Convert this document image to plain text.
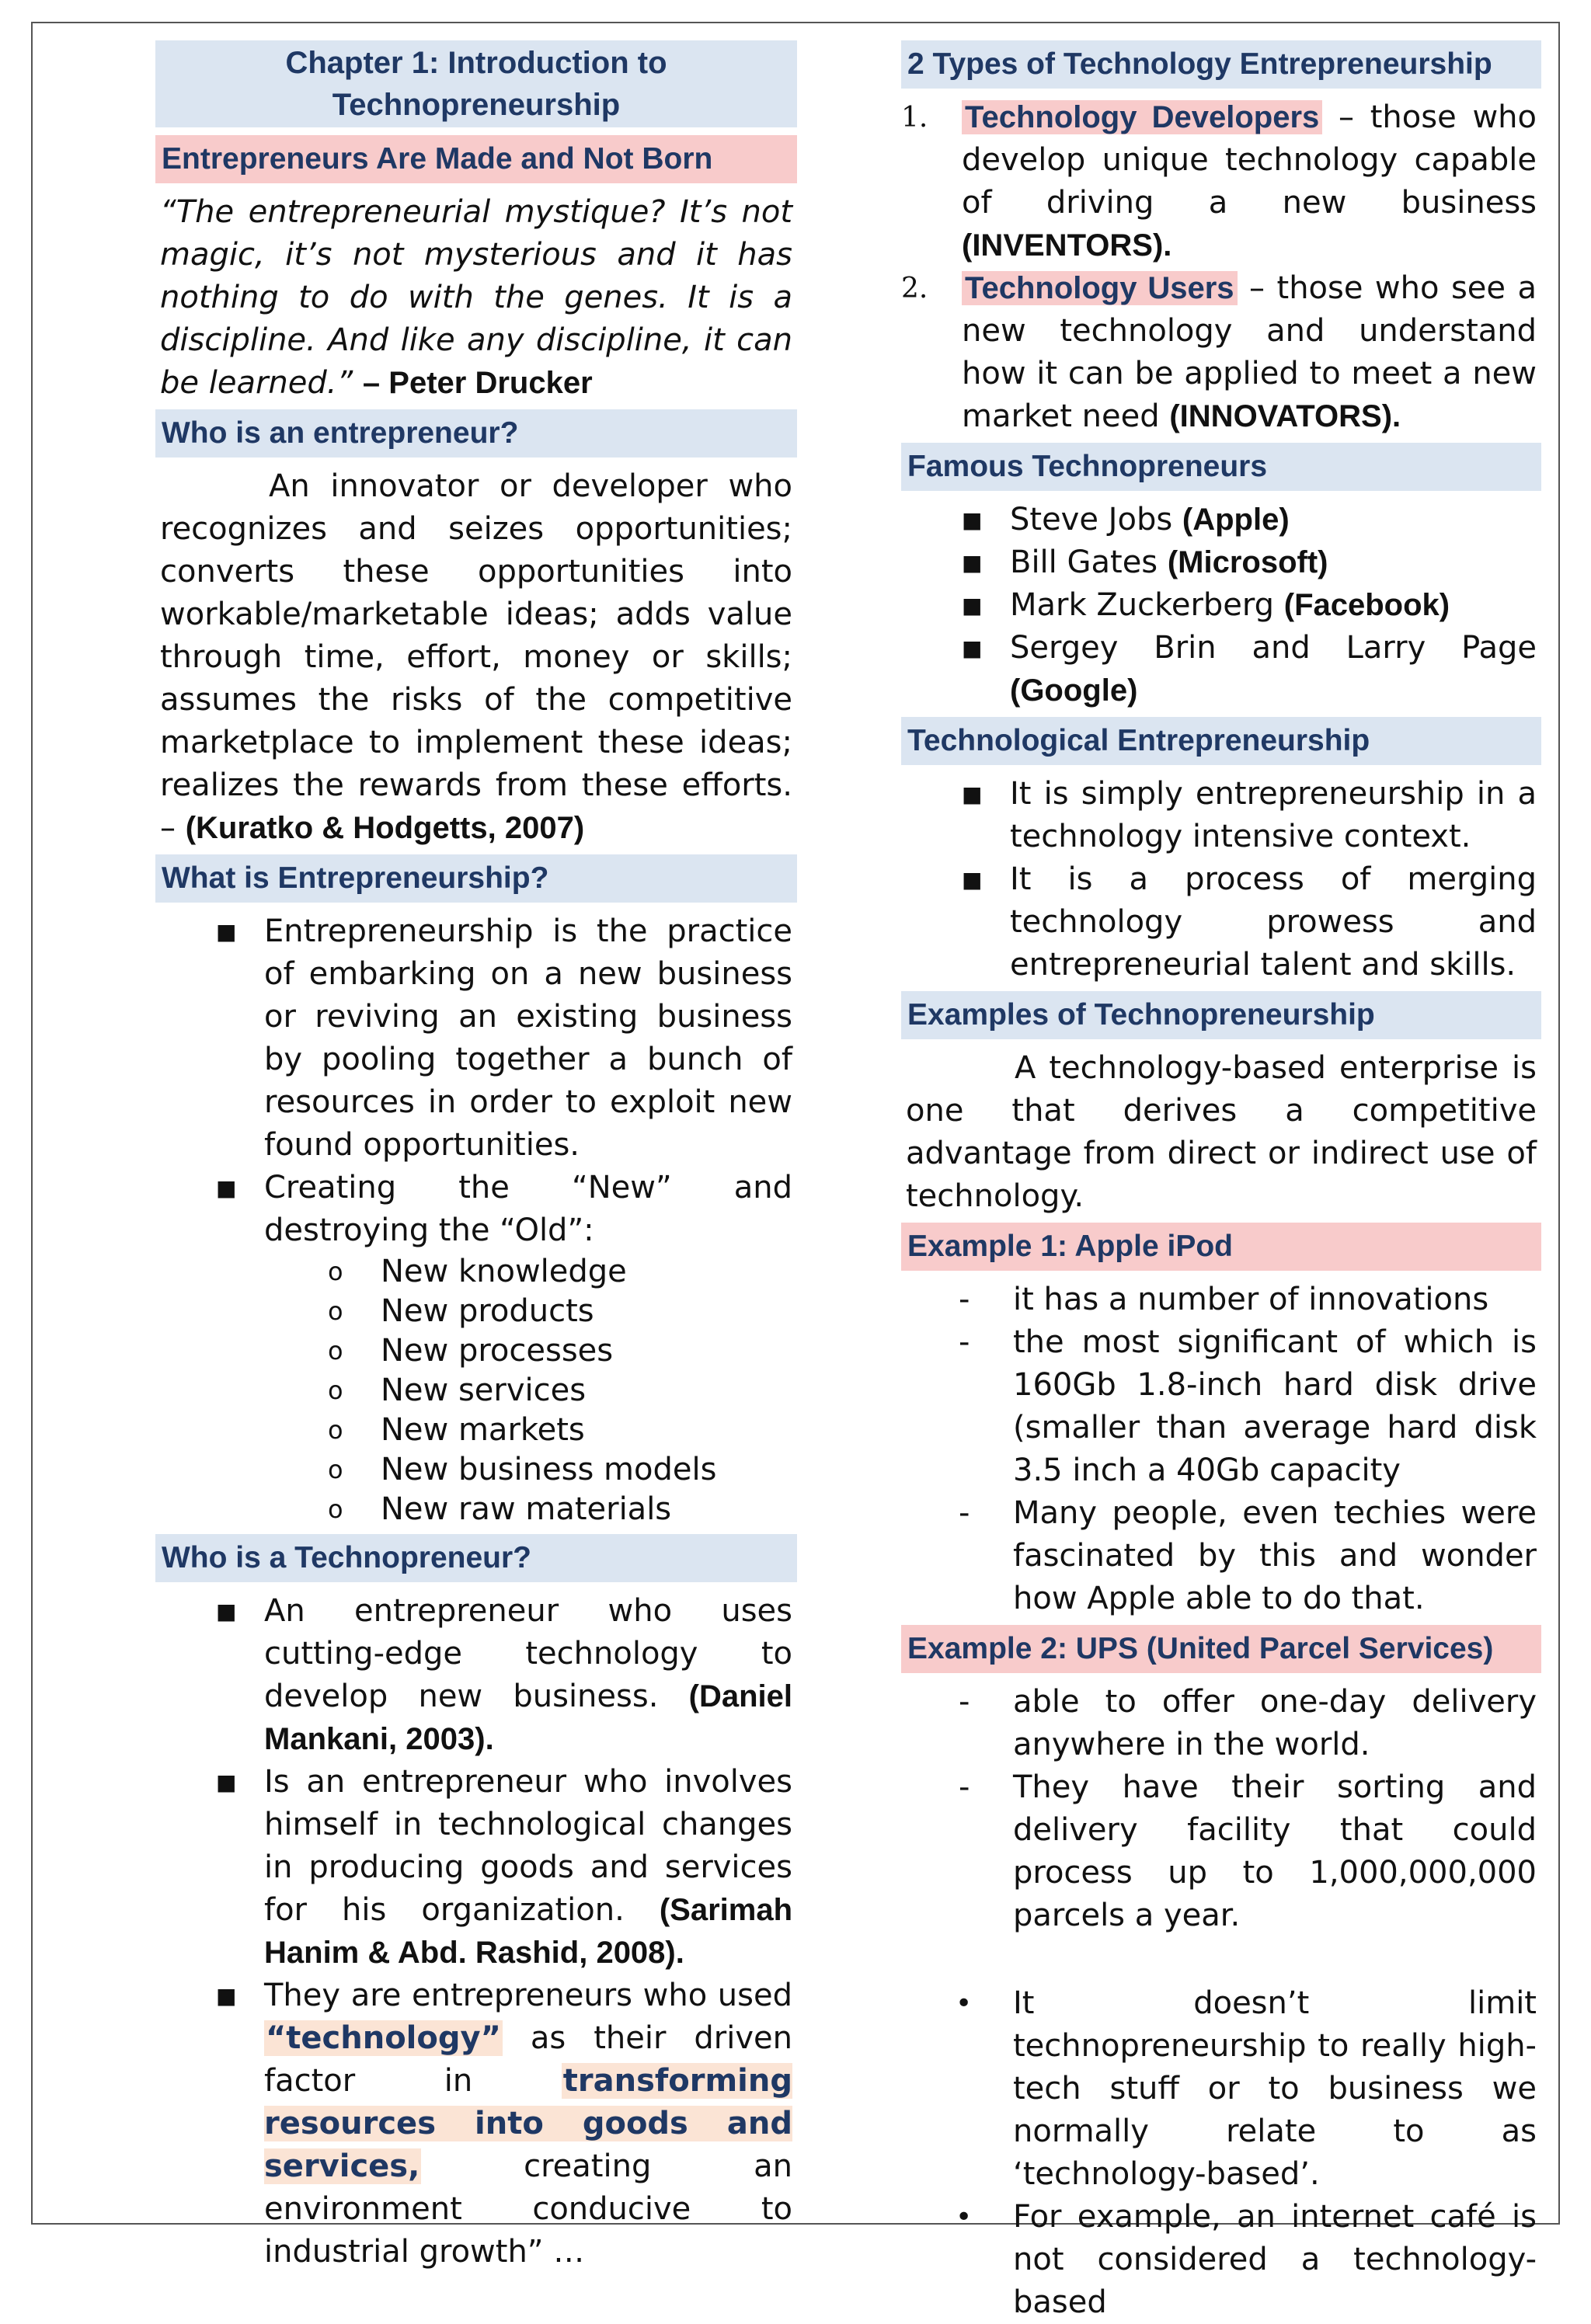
Chapter 1: Introduction to Technopreneurship
Entrepreneurs Are Made and Not Born

“The entrepreneurial mystique? It’s not magic, it’s not mysterious and it has nothing to do with the genes. It is a discipline. And like any discipline, it can be learned.” – Peter Drucker

Who is an entrepreneur?

An innovator or developer who recognizes and seizes opportunities; converts these opportunities into workable/marketable ideas; adds value through time, effort, money or skills; assumes the risks of the competitive marketplace to implement these ideas; realizes the rewards from these efforts. – (Kuratko & Hodgetts, 2007)

What is Entrepreneurship?
■ Entrepreneurship is the practice of embarking on a new business or reviving an existing business by pooling together a bunch of resources in order to exploit new found opportunities.
■ Creating the “New” and destroying the “Old”:
o New knowledge
o New products
o New processes
o New services
o New markets
o New business models
o New raw materials
Who is a Technopreneur?
■ An entrepreneur who uses cutting-edge technology to develop new business. (Daniel Mankani, 2003).
■ Is an entrepreneur who involves himself in technological changes in producing goods and services for his organization. (Sarimah Hanim & Abd. Rashid, 2008).
■ They are entrepreneurs who used “technology” as their driven factor in	transforming resources into goods and services,	creating an environment conducive to industrial growth” …
2 Types of Technology Entrepreneurship
1. Technology Developers – those who develop unique technology capable of driving a new business (INVENTORS).
2. Technology Users – those who see a new technology and understand how it can be applied to meet a new market need (INNOVATORS).
Famous Technopreneurs
■ Steve Jobs (Apple)
■ Bill Gates (Microsoft)
■ Mark Zuckerberg (Facebook)
■ Sergey Brin and Larry Page (Google)
Technological Entrepreneurship
■ It is simply entrepreneurship in a technology intensive context.
■ It is a process of merging technology prowess and entrepreneurial talent and skills.
Examples of Technopreneurship

A technology-based enterprise is one that derives a competitive advantage from direct or indirect use of technology.

Example 1: Apple iPod
- it has a number of innovations
- the most significant of which is 160Gb 1.8-inch hard disk drive (smaller than average hard disk 3.5 inch a 40Gb capacity
- Many people, even techies were fascinated by this and wonder how Apple able to do that.
Example 2: UPS (United Parcel Services)
- able to offer one-day delivery anywhere in the world.
- They have their sorting and delivery facility that could process up to 1,000,000,000 parcels a year.
• It doesn’t limit technopreneurship to really high-tech stuff or to business we normally relate to as ‘technology-based’.
• For example, an internet café is not considered a technology-based
